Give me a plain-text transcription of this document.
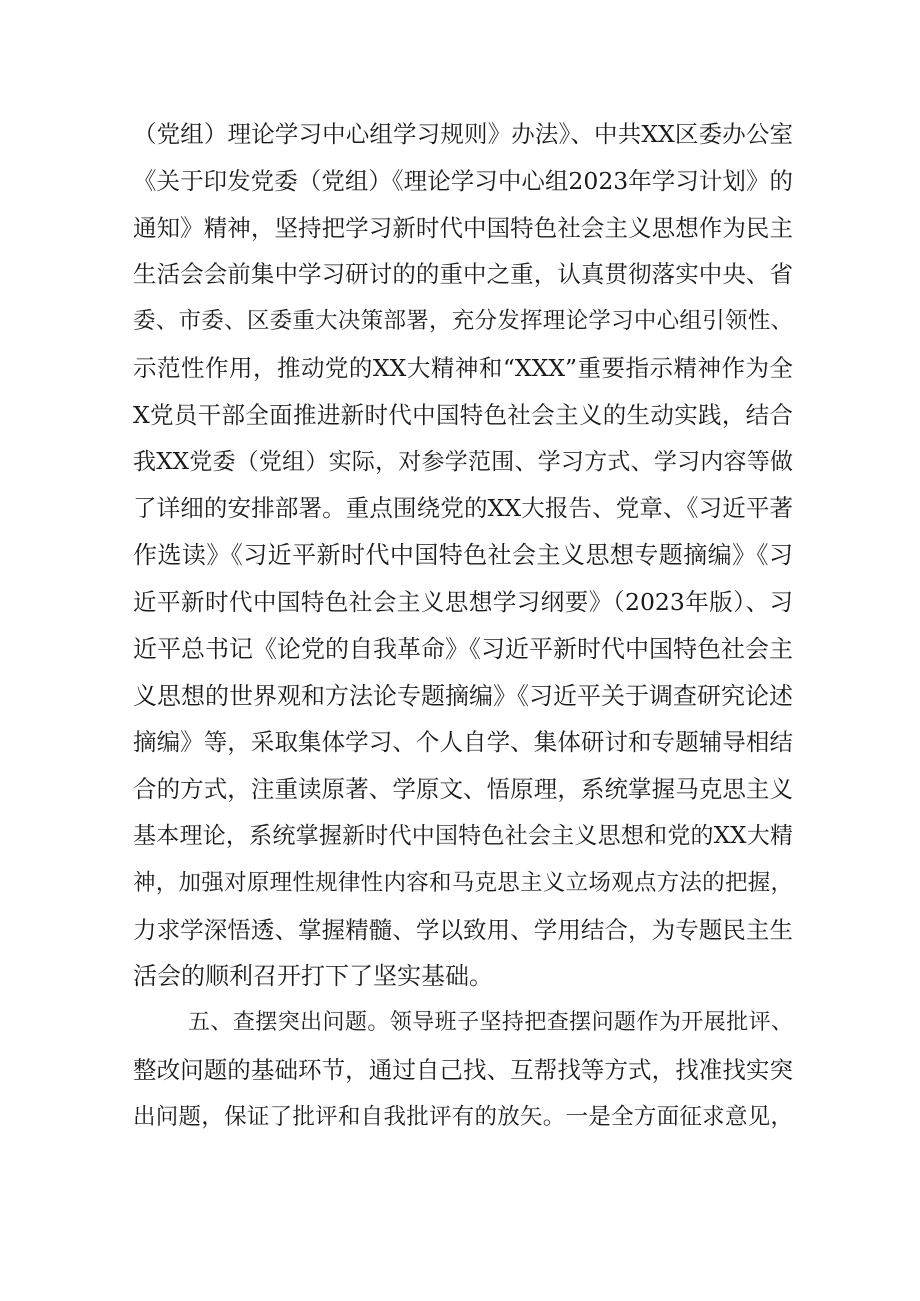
（党组）理论学习中心组学习规则》办法》、中共XX区委办公室
《关于印发党委（党组）《理论学习中心组2023年学习计划》的
通知》精神，坚持把学习新时代中国特色社会主义思想作为民主
生活会会前集中学习研讨的的重中之重，认真贯彻落实中央、省
委、市委、区委重大决策部署，充分发挥理论学习中心组引领性、
示范性作用，推动党的XX大精神和“XXX”重要指示精神作为全
X党员干部全面推进新时代中国特色社会主义的生动实践，结合
我XX党委（党组）实际，对参学范围、学习方式、学习内容等做
了详细的安排部署。重点围绕党的XX大报告、党章、《习近平著
作选读》《习近平新时代中国特色社会主义思想专题摘编》《习
近平新时代中国特色社会主义思想学习纲要》（2023年版）、习
近平总书记《论党的自我革命》《习近平新时代中国特色社会主
义思想的世界观和方法论专题摘编》《习近平关于调查研究论述
摘编》等，采取集体学习、个人自学、集体研讨和专题辅导相结
合的方式，注重读原著、学原文、悟原理，系统掌握马克思主义
基本理论，系统掌握新时代中国特色社会主义思想和党的XX大精
神，加强对原理性规律性内容和马克思主义立场观点方法的把握，
力求学深悟透、掌握精髓、学以致用、学用结合，为专题民主生
活会的顺利召开打下了坚实基础。
五、查摆突出问题。领导班子坚持把查摆问题作为开展批评、
整改问题的基础环节，通过自己找、互帮找等方式，找准找实突
出问题，保证了批评和自我批评有的放矢。一是全方面征求意见，
